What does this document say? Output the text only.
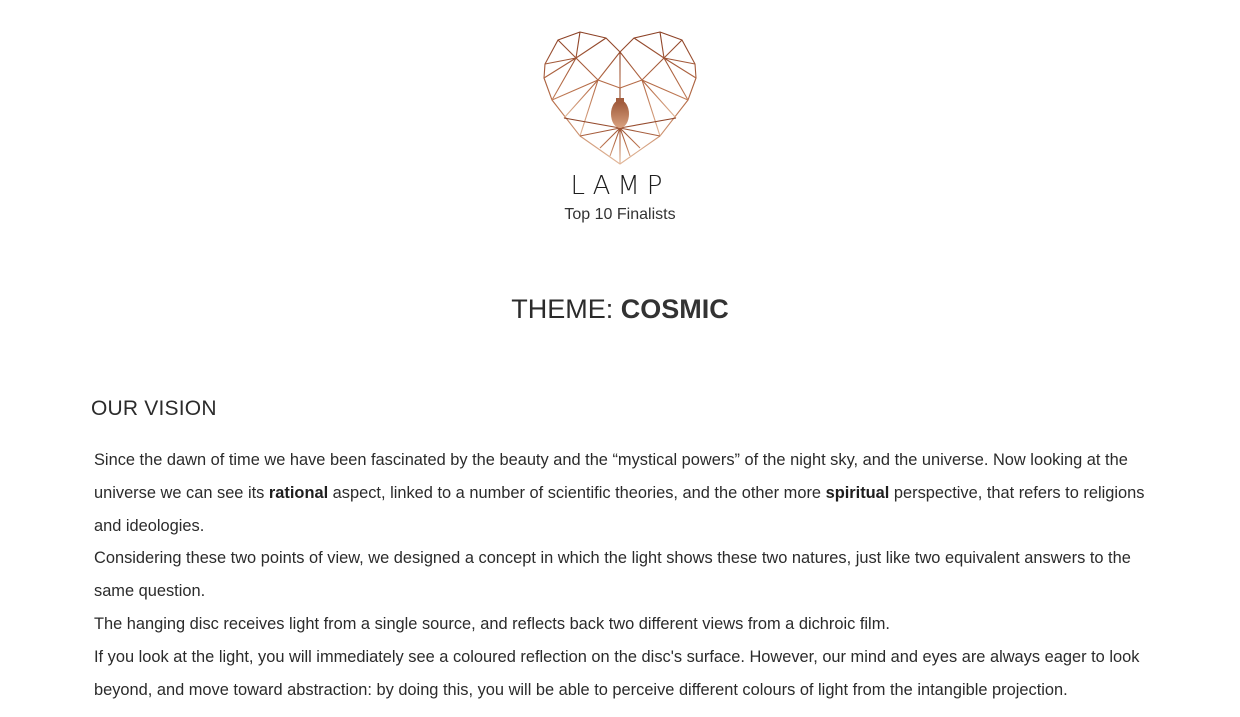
LAMP
Top 10 Finalists
THEME: COSMIC
OUR VISION

Since the dawn of time we have been fascinated by the beauty and the “mystical powers” of the night sky, and the universe. Now looking at the universe we can see its rational aspect, linked to a number of scientific theories, and the other more spiritual perspective, that refers to religions and ideologies.

Considering these two points of view, we designed a concept in which the light shows these two natures, just like two equivalent answers to the same question.

The hanging disc receives light from a single source, and reflects back two different views from a dichroic film.

If you look at the light, you will immediately see a coloured reflection on the disc's surface. However, our mind and eyes are always eager to look beyond, and move toward abstraction: by doing this, you will be able to perceive different colours of light from the intangible projection.
